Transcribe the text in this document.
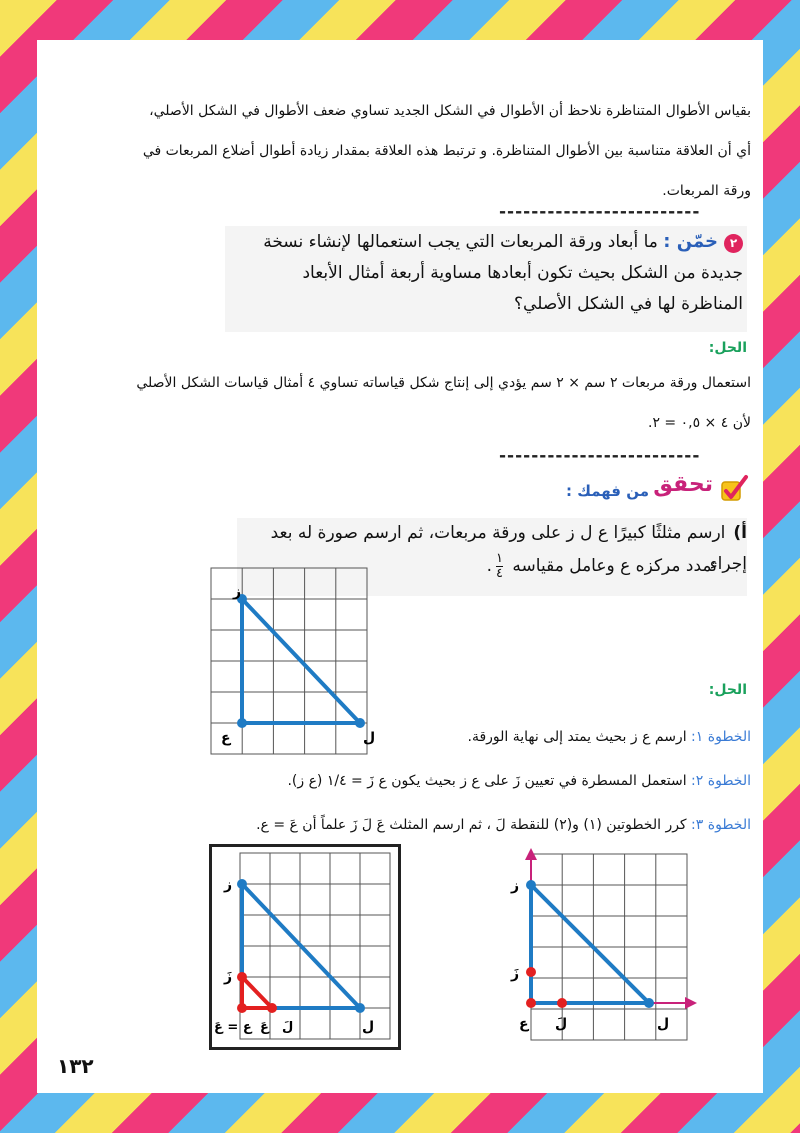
بقياس الأطوال المتناظرة نلاحظ أن الأطوال في الشكل الجديد تساوي ضعف الأطوال في الشكل الأصلي،
أي أن العلاقة متناسبة بين الأطوال المتناظرة. و ترتبط هذه العلاقة بمقدار زيادة أطوال أضلاع المربعات في
ورقة المربعات.
-------------------------
٢خمّن : ما أبعاد ورقة المربعات التي يجب استعمالها لإنشاء نسخة
جديدة من الشكل بحيث تكون أبعادها مساوية أربعة أمثال الأبعاد
المناظرة لها في الشكل الأصلي؟
الحل:
استعمال ورقة مربعات ٢ سم × ٢ سم يؤدي إلى إنتاج شكل قياساته تساوي ٤ أمثال قياسات الشكل الأصلي
لأن ٤ × ٠,٥ = ٢.
-------------------------
تحقق
من فهمك :
أ)ارسم مثلثًا كبيرًا ع ل ز على ورقة مربعات، ثم ارسم صورة له بعد إجراء
تمدد مركزه ع وعامل مقياسه
١
٤
.
ز
ع	ل
الحل:
الخطوة ١: ارسم ع ز بحيث يمتد إلى نهاية الورقة.
الخطوة ٢: استعمل المسطرة في تعيين زَ على ع ز بحيث يكون ع زَ = ١/٤ (ع ز).
الخطوة ٣: كرر الخطوتين (١) و(٢) للنقطة لَ ، ثم ارسم المثلث عَ لَ زَ علماً أن عَ = ع.
ز
زَ
ع لَ	ل
ز
زَ
ع = عَ عَ لَ	ل
١٣٢
